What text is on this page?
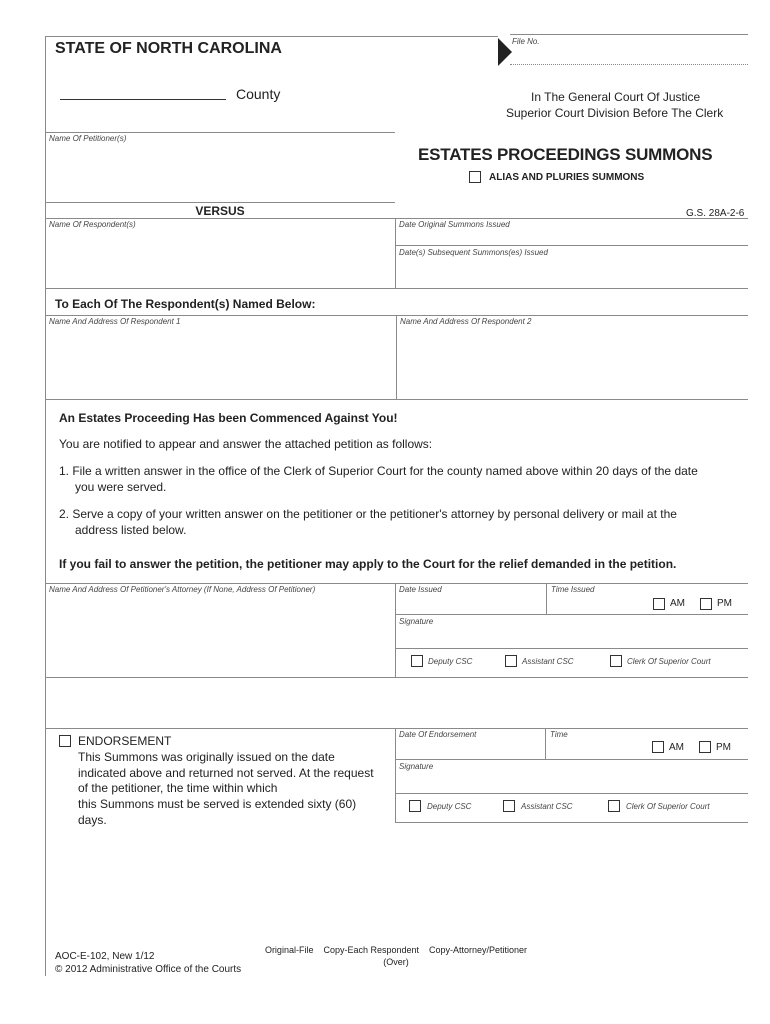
STATE OF NORTH CAROLINA	File No.
County	In The General Court Of Justice
Superior Court Division Before The Clerk
Name Of Petitioner(s)
VERSUS
Name Of Respondent(s)
ESTATES PROCEEDINGS SUMMONS
ALIAS AND PLURIES SUMMONS
G.S. 28A-2-6
Date Original Summons Issued
Date(s) Subsequent Summons(es) Issued
To Each Of The Respondent(s) Named Below:
Name And Address Of Respondent 1	Name And Address Of Respondent 2
An Estates Proceeding Has been Commenced Against You!
You are notified to appear and answer the attached petition as follows:
1. File a written answer in the office of the Clerk of Superior Court for the county named above within 20 days of the date
you were served.
2. Serve a copy of your written answer on the petitioner or the petitioner's attorney by personal delivery or mail at the
address listed below.
If you fail to answer the petition, the petitioner may apply to the Court for the relief demanded in the petition.
Name And Address Of Petitioner's Attorney (If None, Address Of Petitioner)	Date Issued	Time Issued
AM	PM
Signature
Deputy CSC	Assistant CSC	Clerk Of Superior Court
ENDORSEMENT
This Summons was originally issued on the date
indicated above and returned not served. At the request
of the petitioner, the time within which
this Summons must be served is extended sixty (60)
days.
Date Of Endorsement	Time
AM	PM
Signature
Deputy CSC	Assistant CSC	Clerk Of Superior Court
AOC-E-102, New 1/12
© 2012 Administrative Office of the Courts
Original-File    Copy-Each Respondent    Copy-Attorney/Petitioner
(Over)
